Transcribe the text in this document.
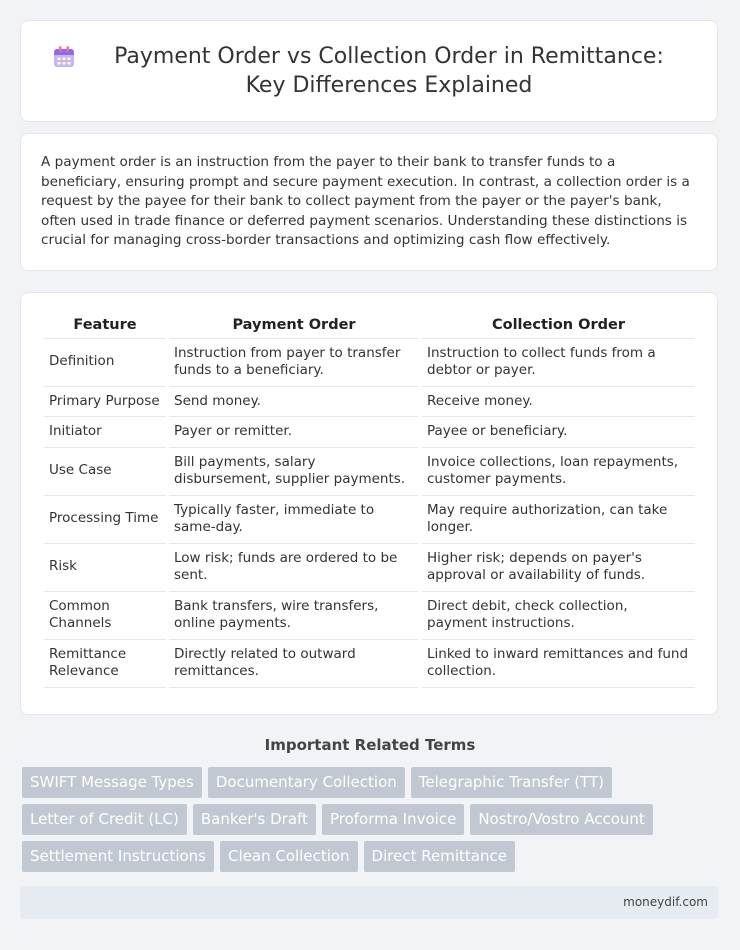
Payment Order vs Collection Order in Remittance: Key Differences Explained

A payment order is an instruction from the payer to their bank to transfer funds to a beneficiary, ensuring prompt and secure payment execution. In contrast, a collection order is a request by the payee for their bank to collect payment from the payer or the payer's bank, often used in trade finance or deferred payment scenarios. Understanding these distinctions is crucial for managing cross-border transactions and optimizing cash flow effectively.

Feature	Payment Order	Collection Order
Definition	Instruction from payer to transfer funds to a beneficiary.	Instruction to collect funds from a debtor or payer.
Primary Purpose	Send money.	Receive money.
Initiator	Payer or remitter.	Payee or beneficiary.
Use Case	Bill payments, salary disbursement, supplier payments.	Invoice collections, loan repayments, customer payments.
Processing Time	Typically faster, immediate to same-day.	May require authorization, can take longer.
Risk	Low risk; funds are ordered to be sent.	Higher risk; depends on payer's approval or availability of funds.
Common Channels	Bank transfers, wire transfers, online payments.	Direct debit, check collection, payment instructions.
Remittance Relevance	Directly related to outward remittances.	Linked to inward remittances and fund collection.
Important Related Terms
SWIFT Message Types	Documentary Collection	Telegraphic Transfer (TT)
Letter of Credit (LC)	Banker's Draft	Proforma Invoice	Nostro/Vostro Account
Settlement Instructions	Clean Collection	Direct Remittance
moneydif.com
